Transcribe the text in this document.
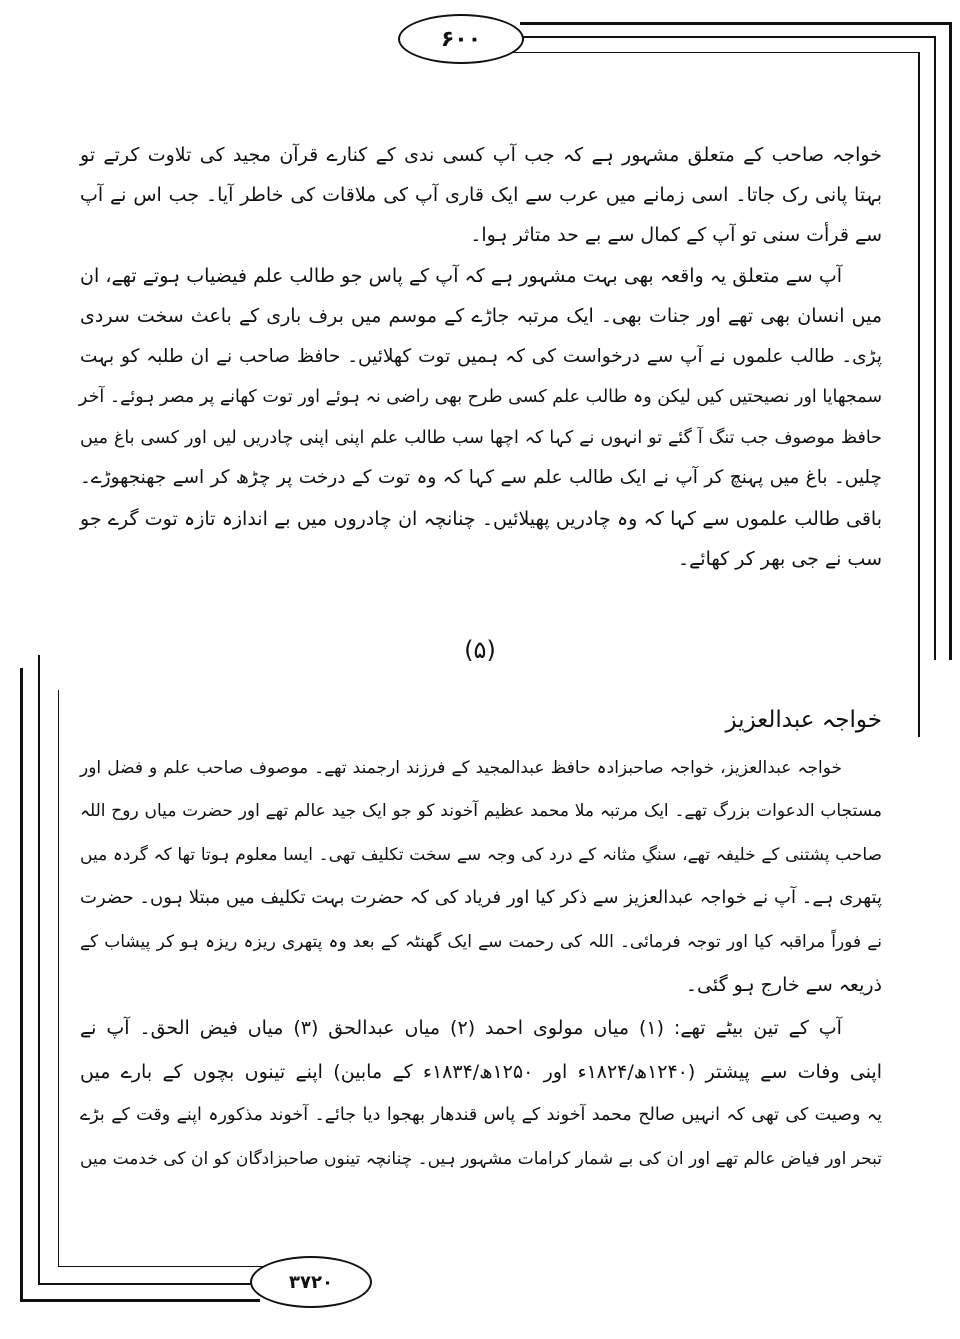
۶۰۰
خواجہ صاحب کے متعلق مشہور ہے کہ جب آپ کسی ندی کے کنارے قرآن مجید کی تلاوت کرتے تو
بہتا پانی رک جاتا۔ اسی زمانے میں عرب سے ایک قاری آپ کی ملاقات کی خاطر آیا۔ جب اس نے آپ
سے قرأت سنی تو آپ کے کمال سے بے حد متاثر ہوا۔
آپ سے متعلق یہ واقعہ بھی بہت مشہور ہے کہ آپ کے پاس جو طالب علم فیضیاب ہوتے تھے، ان
میں انسان بھی تھے اور جنات بھی۔ ایک مرتبہ جاڑے کے موسم میں برف باری کے باعث سخت سردی
پڑی۔ طالب علموں نے آپ سے درخواست کی کہ ہمیں توت کھلائیں۔ حافظ صاحب نے ان طلبہ کو بہت
سمجھایا اور نصیحتیں کیں لیکن وہ طالب علم کسی طرح بھی راضی نہ ہوئے اور توت کھانے پر مصر ہوئے۔ آخر
حافظ موصوف جب تنگ آ گئے تو انہوں نے کہا کہ اچھا سب طالب علم اپنی اپنی چادریں لیں اور کسی باغ میں
چلیں۔ باغ میں پہنچ کر آپ نے ایک طالب علم سے کہا کہ وہ توت کے درخت پر چڑھ کر اسے جھنجھوڑے۔
باقی طالب علموں سے کہا کہ وہ چادریں پھیلائیں۔ چنانچہ ان چادروں میں بے اندازہ تازہ توت گرے جو
سب نے جی بھر کر کھائے۔
(۵)
۳۷۲۰
خواجہ عبدالعزیز
خواجہ عبدالعزیز، خواجہ صاحبزادہ حافظ عبدالمجید کے فرزند ارجمند تھے۔ موصوف صاحب علم و فضل اور
مستجاب الدعوات بزرگ تھے۔ ایک مرتبہ ملا محمد عظیم آخوند کو جو ایک جید عالم تھے اور حضرت میاں روح اللہ
صاحب پشتنی کے خلیفہ تھے، سنگِ مثانہ کے درد کی وجہ سے سخت تکلیف تھی۔ ایسا معلوم ہوتا تھا کہ گردہ میں
پتھری ہے۔ آپ نے خواجہ عبدالعزیز سے ذکر کیا اور فریاد کی کہ حضرت بہت تکلیف میں مبتلا ہوں۔ حضرت
نے فوراً مراقبہ کیا اور توجہ فرمائی۔ اللہ کی رحمت سے ایک گھنٹہ کے بعد وہ پتھری ریزہ ریزہ ہو کر پیشاب کے
ذریعہ سے خارج ہو گئی۔
آپ کے تین بیٹے تھے: (۱) میاں مولوی احمد (۲) میاں عبدالحق (۳) میاں فیض الحق۔ آپ نے
اپنی وفات سے پیشتر (۱۲۴۰ھ/۱۸۲۴ء اور ۱۲۵۰ھ/۱۸۳۴ء کے مابین) اپنے تینوں بچوں کے بارے میں
یہ وصیت کی تھی کہ انہیں صالح محمد آخوند کے پاس قندھار بھجوا دیا جائے۔ آخوند مذکورہ اپنے وقت کے بڑے
تبحر اور فیاض عالم تھے اور ان کی بے شمار کرامات مشہور ہیں۔ چنانچہ تینوں صاحبزادگان کو ان کی خدمت میں
